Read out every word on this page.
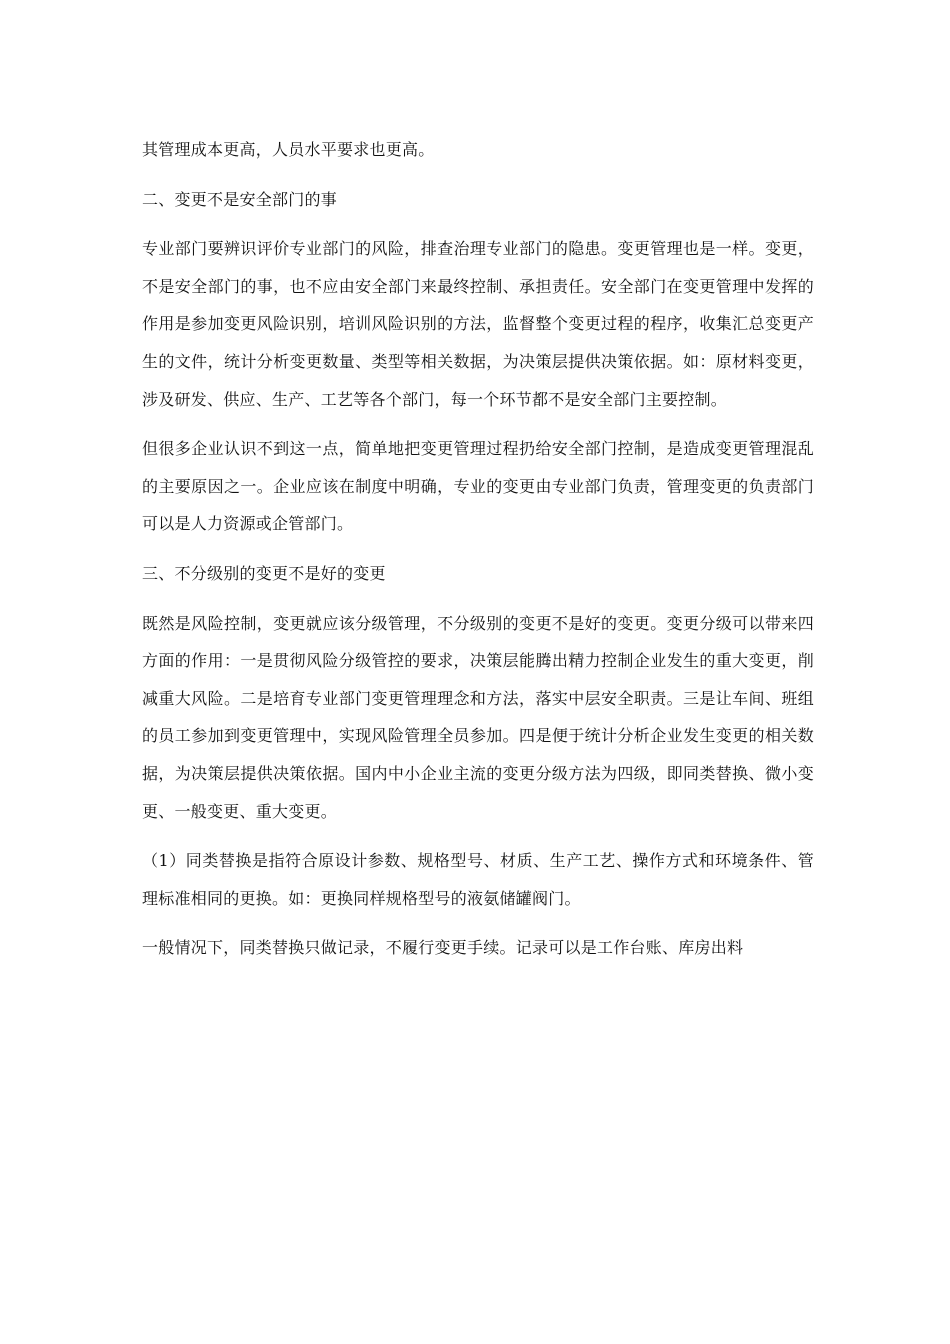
其管理成本更高，人员水平要求也更高。

二、变更不是安全部门的事

专业部门要辨识评价专业部门的风险，排查治理专业部门的隐患。变更管理也是一样。变更，不是安全部门的事，也不应由安全部门来最终控制、承担责任。安全部门在变更管理中发挥的作用是参加变更风险识别，培训风险识别的方法，监督整个变更过程的程序，收集汇总变更产生的文件，统计分析变更数量、类型等相关数据，为决策层提供决策依据。如：原材料变更，涉及研发、供应、生产、工艺等各个部门，每一个环节都不是安全部门主要控制。

但很多企业认识不到这一点，简单地把变更管理过程扔给安全部门控制，是造成变更管理混乱的主要原因之一。企业应该在制度中明确，专业的变更由专业部门负责，管理变更的负责部门可以是人力资源或企管部门。

三、不分级别的变更不是好的变更

既然是风险控制，变更就应该分级管理，不分级别的变更不是好的变更。变更分级可以带来四方面的作用：一是贯彻风险分级管控的要求，决策层能腾出精力控制企业发生的重大变更，削减重大风险。二是培育专业部门变更管理理念和方法，落实中层安全职责。三是让车间、班组的员工参加到变更管理中，实现风险管理全员参加。四是便于统计分析企业发生变更的相关数据，为决策层提供决策依据。国内中小企业主流的变更分级方法为四级，即同类替换、微小变更、一般变更、重大变更。

（1）同类替换是指符合原设计参数、规格型号、材质、生产工艺、操作方式和环境条件、管理标准相同的更换。如：更换同样规格型号的液氨储罐阀门。

一般情况下，同类替换只做记录，不履行变更手续。记录可以是工作台账、库房出料
